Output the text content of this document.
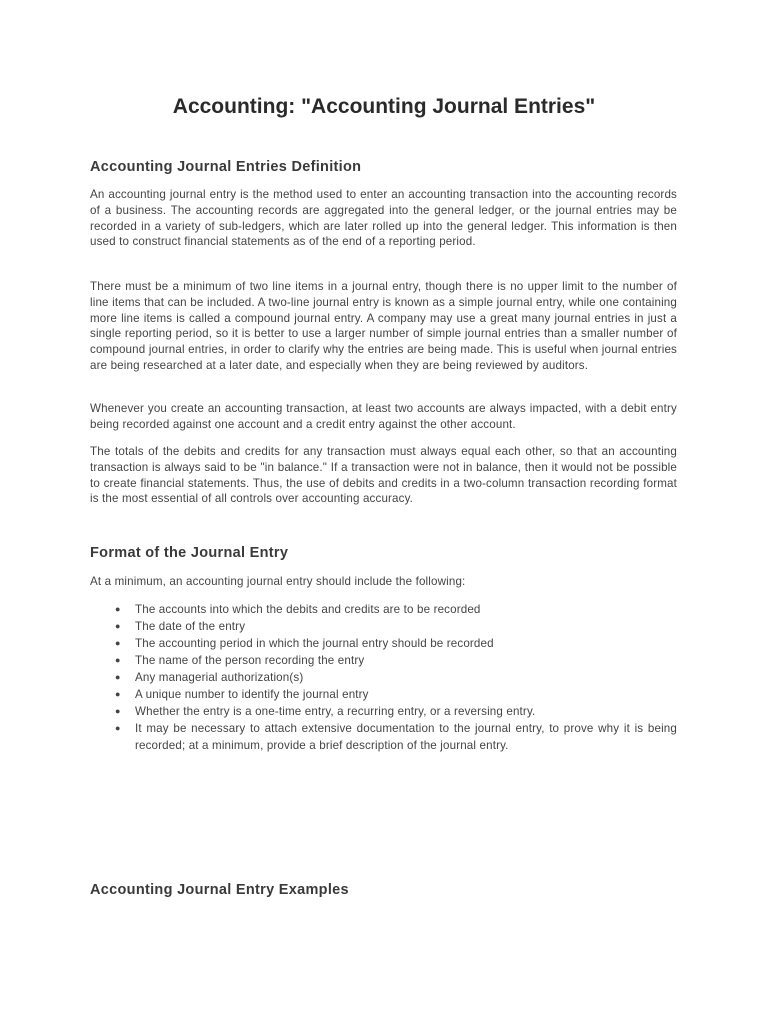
Accounting: "Accounting Journal Entries"
Accounting Journal Entries Definition

An accounting journal entry is the method used to enter an accounting transaction into the accounting records of a business. The accounting records are aggregated into the general ledger, or the journal entries may be recorded in a variety of sub-ledgers, which are later rolled up into the general ledger. This information is then used to construct financial statements as of the end of a reporting period.

There must be a minimum of two line items in a journal entry, though there is no upper limit to the number of line items that can be included. A two-line journal entry is known as a simple journal entry, while one containing more line items is called a compound journal entry. A company may use a great many journal entries in just a single reporting period, so it is better to use a larger number of simple journal entries than a smaller number of compound journal entries, in order to clarify why the entries are being made. This is useful when journal entries are being researched at a later date, and especially when they are being reviewed by auditors.

Whenever you create an accounting transaction, at least two accounts are always impacted, with a debit entry being recorded against one account and a credit entry against the other account.

The totals of the debits and credits for any transaction must always equal each other, so that an accounting transaction is always said to be "in balance." If a transaction were not in balance, then it would not be possible to create financial statements. Thus, the use of debits and credits in a two-column transaction recording format is the most essential of all controls over accounting accuracy.

Format of the Journal Entry

At a minimum, an accounting journal entry should include the following:

● The accounts into which the debits and credits are to be recorded
● The date of the entry
● The accounting period in which the journal entry should be recorded
● The name of the person recording the entry
● Any managerial authorization(s)
● A unique number to identify the journal entry
● Whether the entry is a one-time entry, a recurring entry, or a reversing entry.
● It may be necessary to attach extensive documentation to the journal entry, to prove why it is being recorded; at a minimum, provide a brief description of the journal entry.
Accounting Journal Entry Examples
